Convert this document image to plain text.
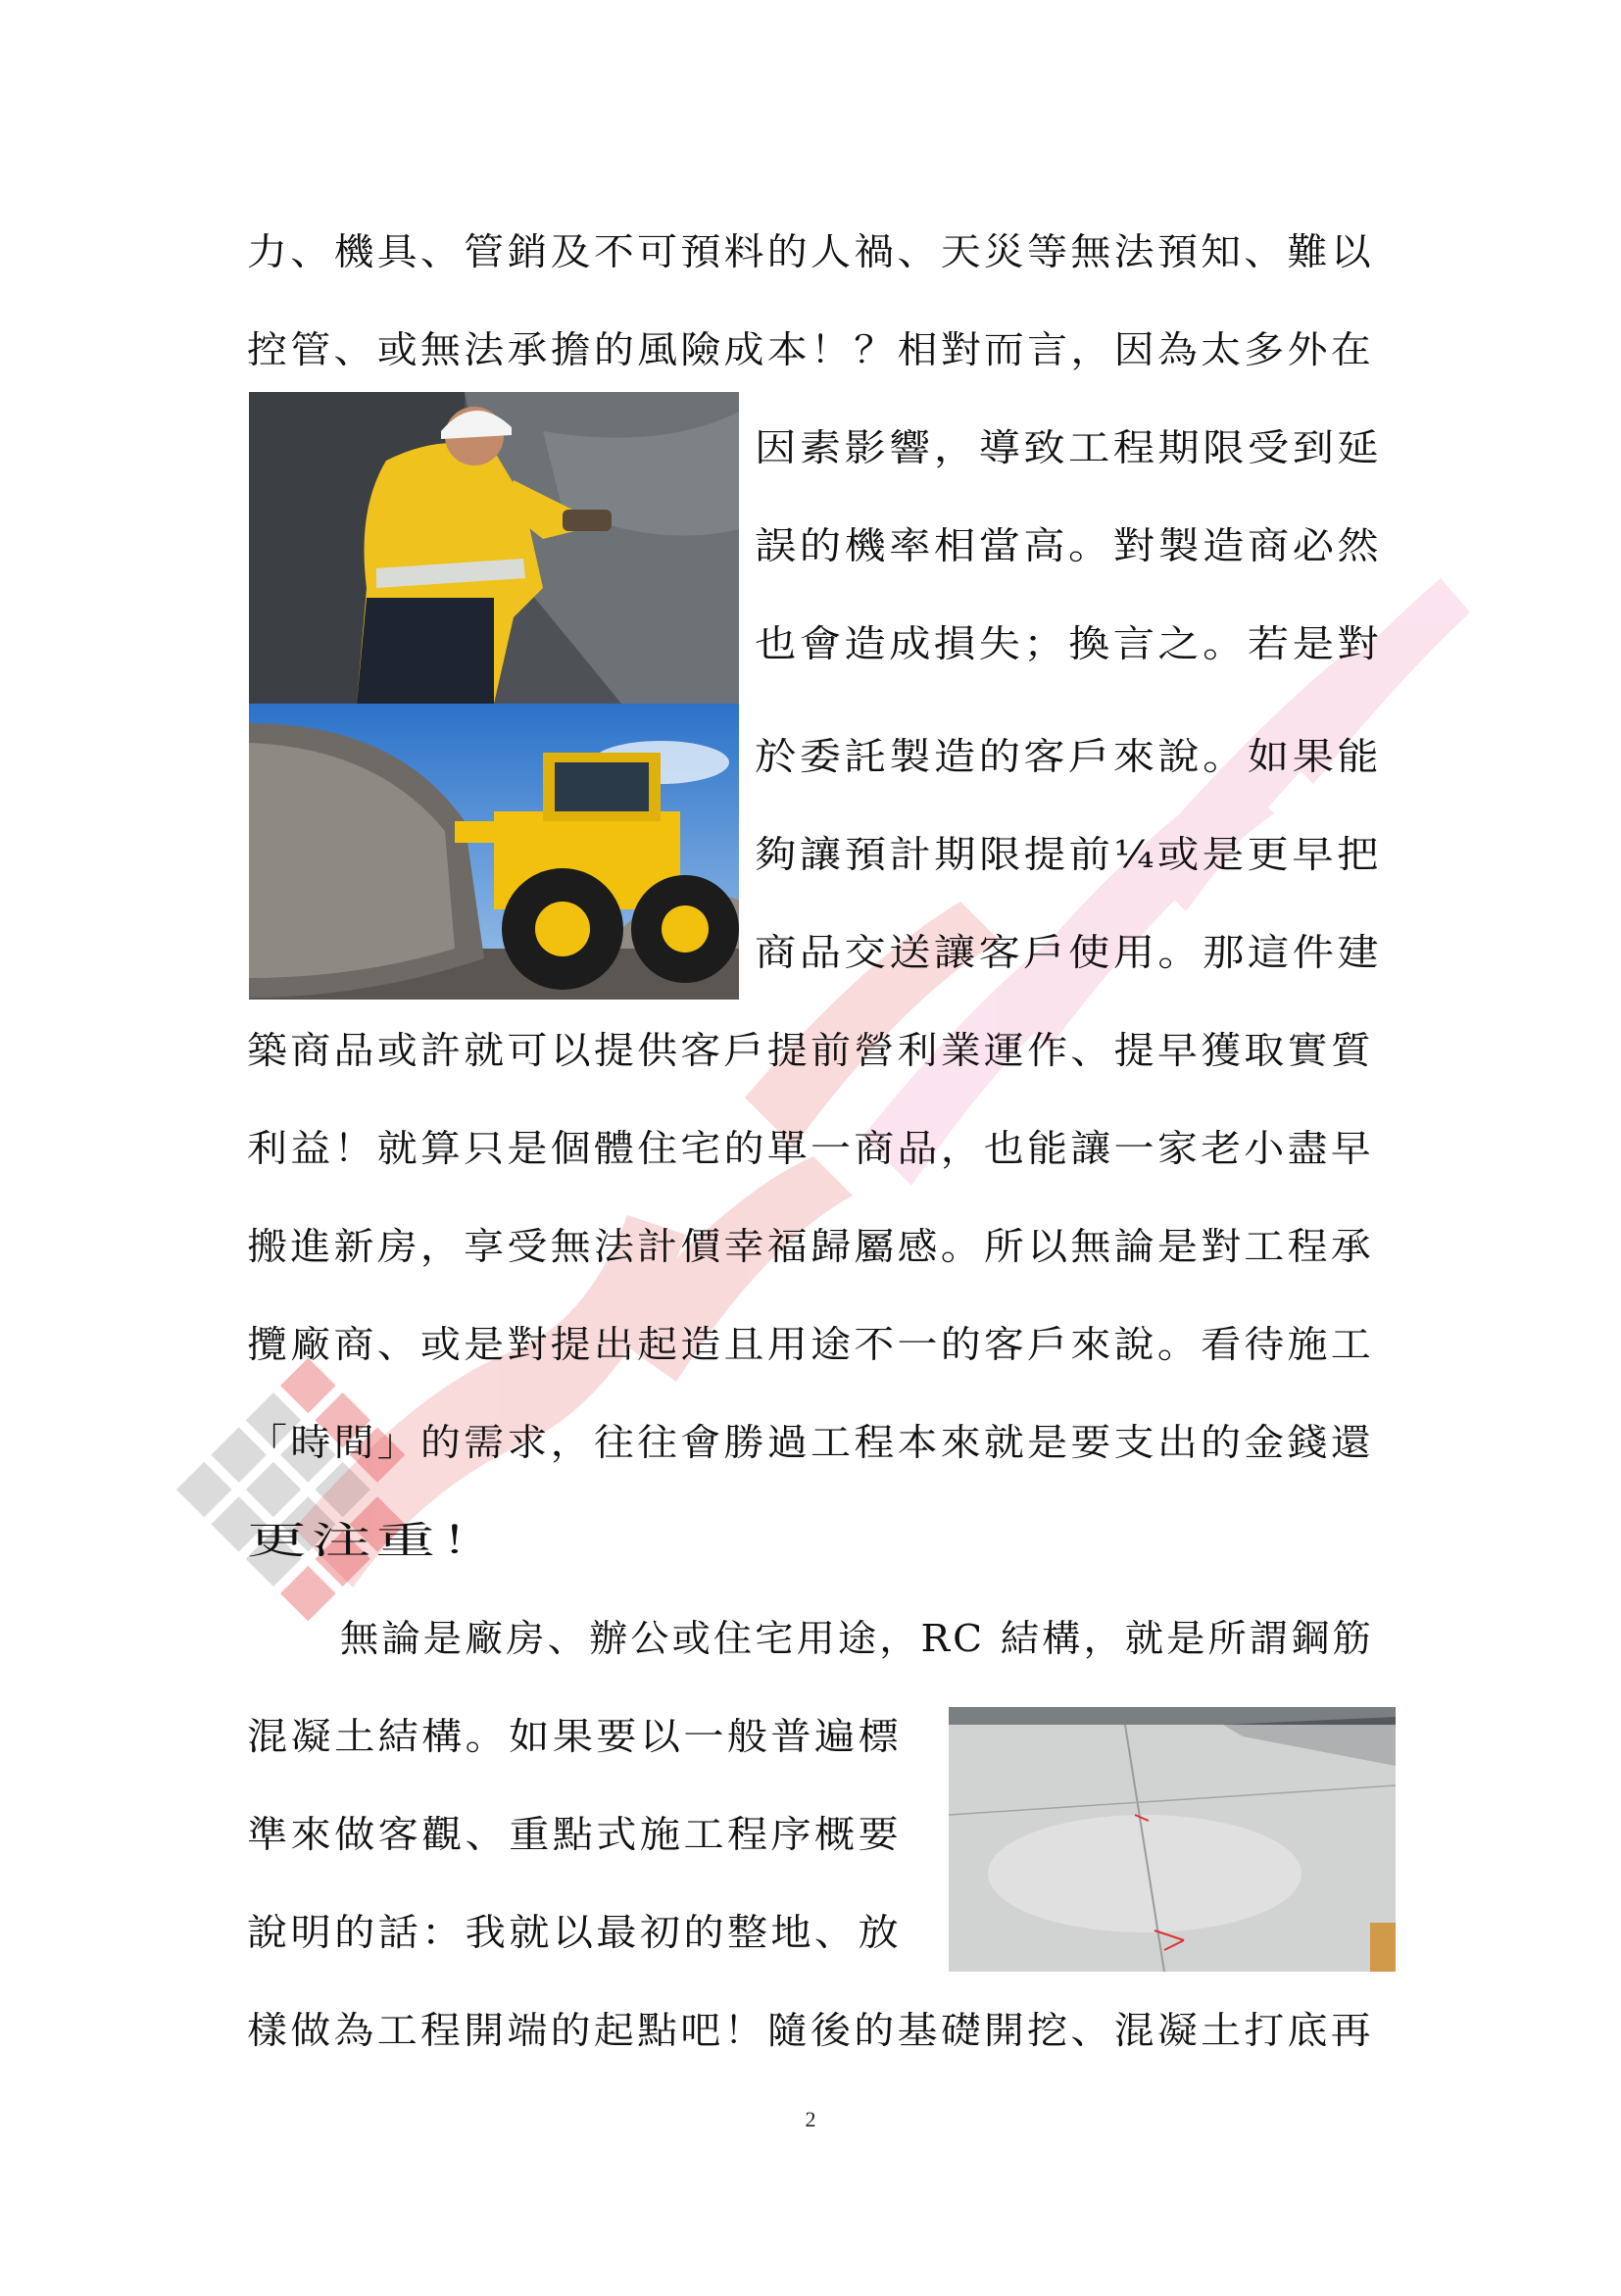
力、機具、管銷及不可預料的人禍、天災等無法預知、難以
控管、或無法承擔的風險成本！？相對而言，因為太多外在
因素影響，導致工程期限受到延
誤的機率相當高。對製造商必然
也會造成損失；換言之。若是對
於委託製造的客戶來說。如果能
夠讓預計期限提前¼或是更早把
商品交送讓客戶使用。那這件建
築商品或許就可以提供客戶提前營利業運作、提早獲取實質
利益！就算只是個體住宅的單一商品，也能讓一家老小盡早
搬進新房，享受無法計價幸福歸屬感。所以無論是對工程承
攬廠商、或是對提出起造且用途不一的客戶來說。看待施工
「時間」的需求，往往會勝過工程本來就是要支出的金錢還
更注重！
無論是廠房、辦公或住宅用途，RC 結構，就是所謂鋼筋
混凝土結構。如果要以一般普遍標
準來做客觀、重點式施工程序概要
說明的話：我就以最初的整地、放
樣做為工程開端的起點吧！隨後的基礎開挖、混凝土打底再
2
